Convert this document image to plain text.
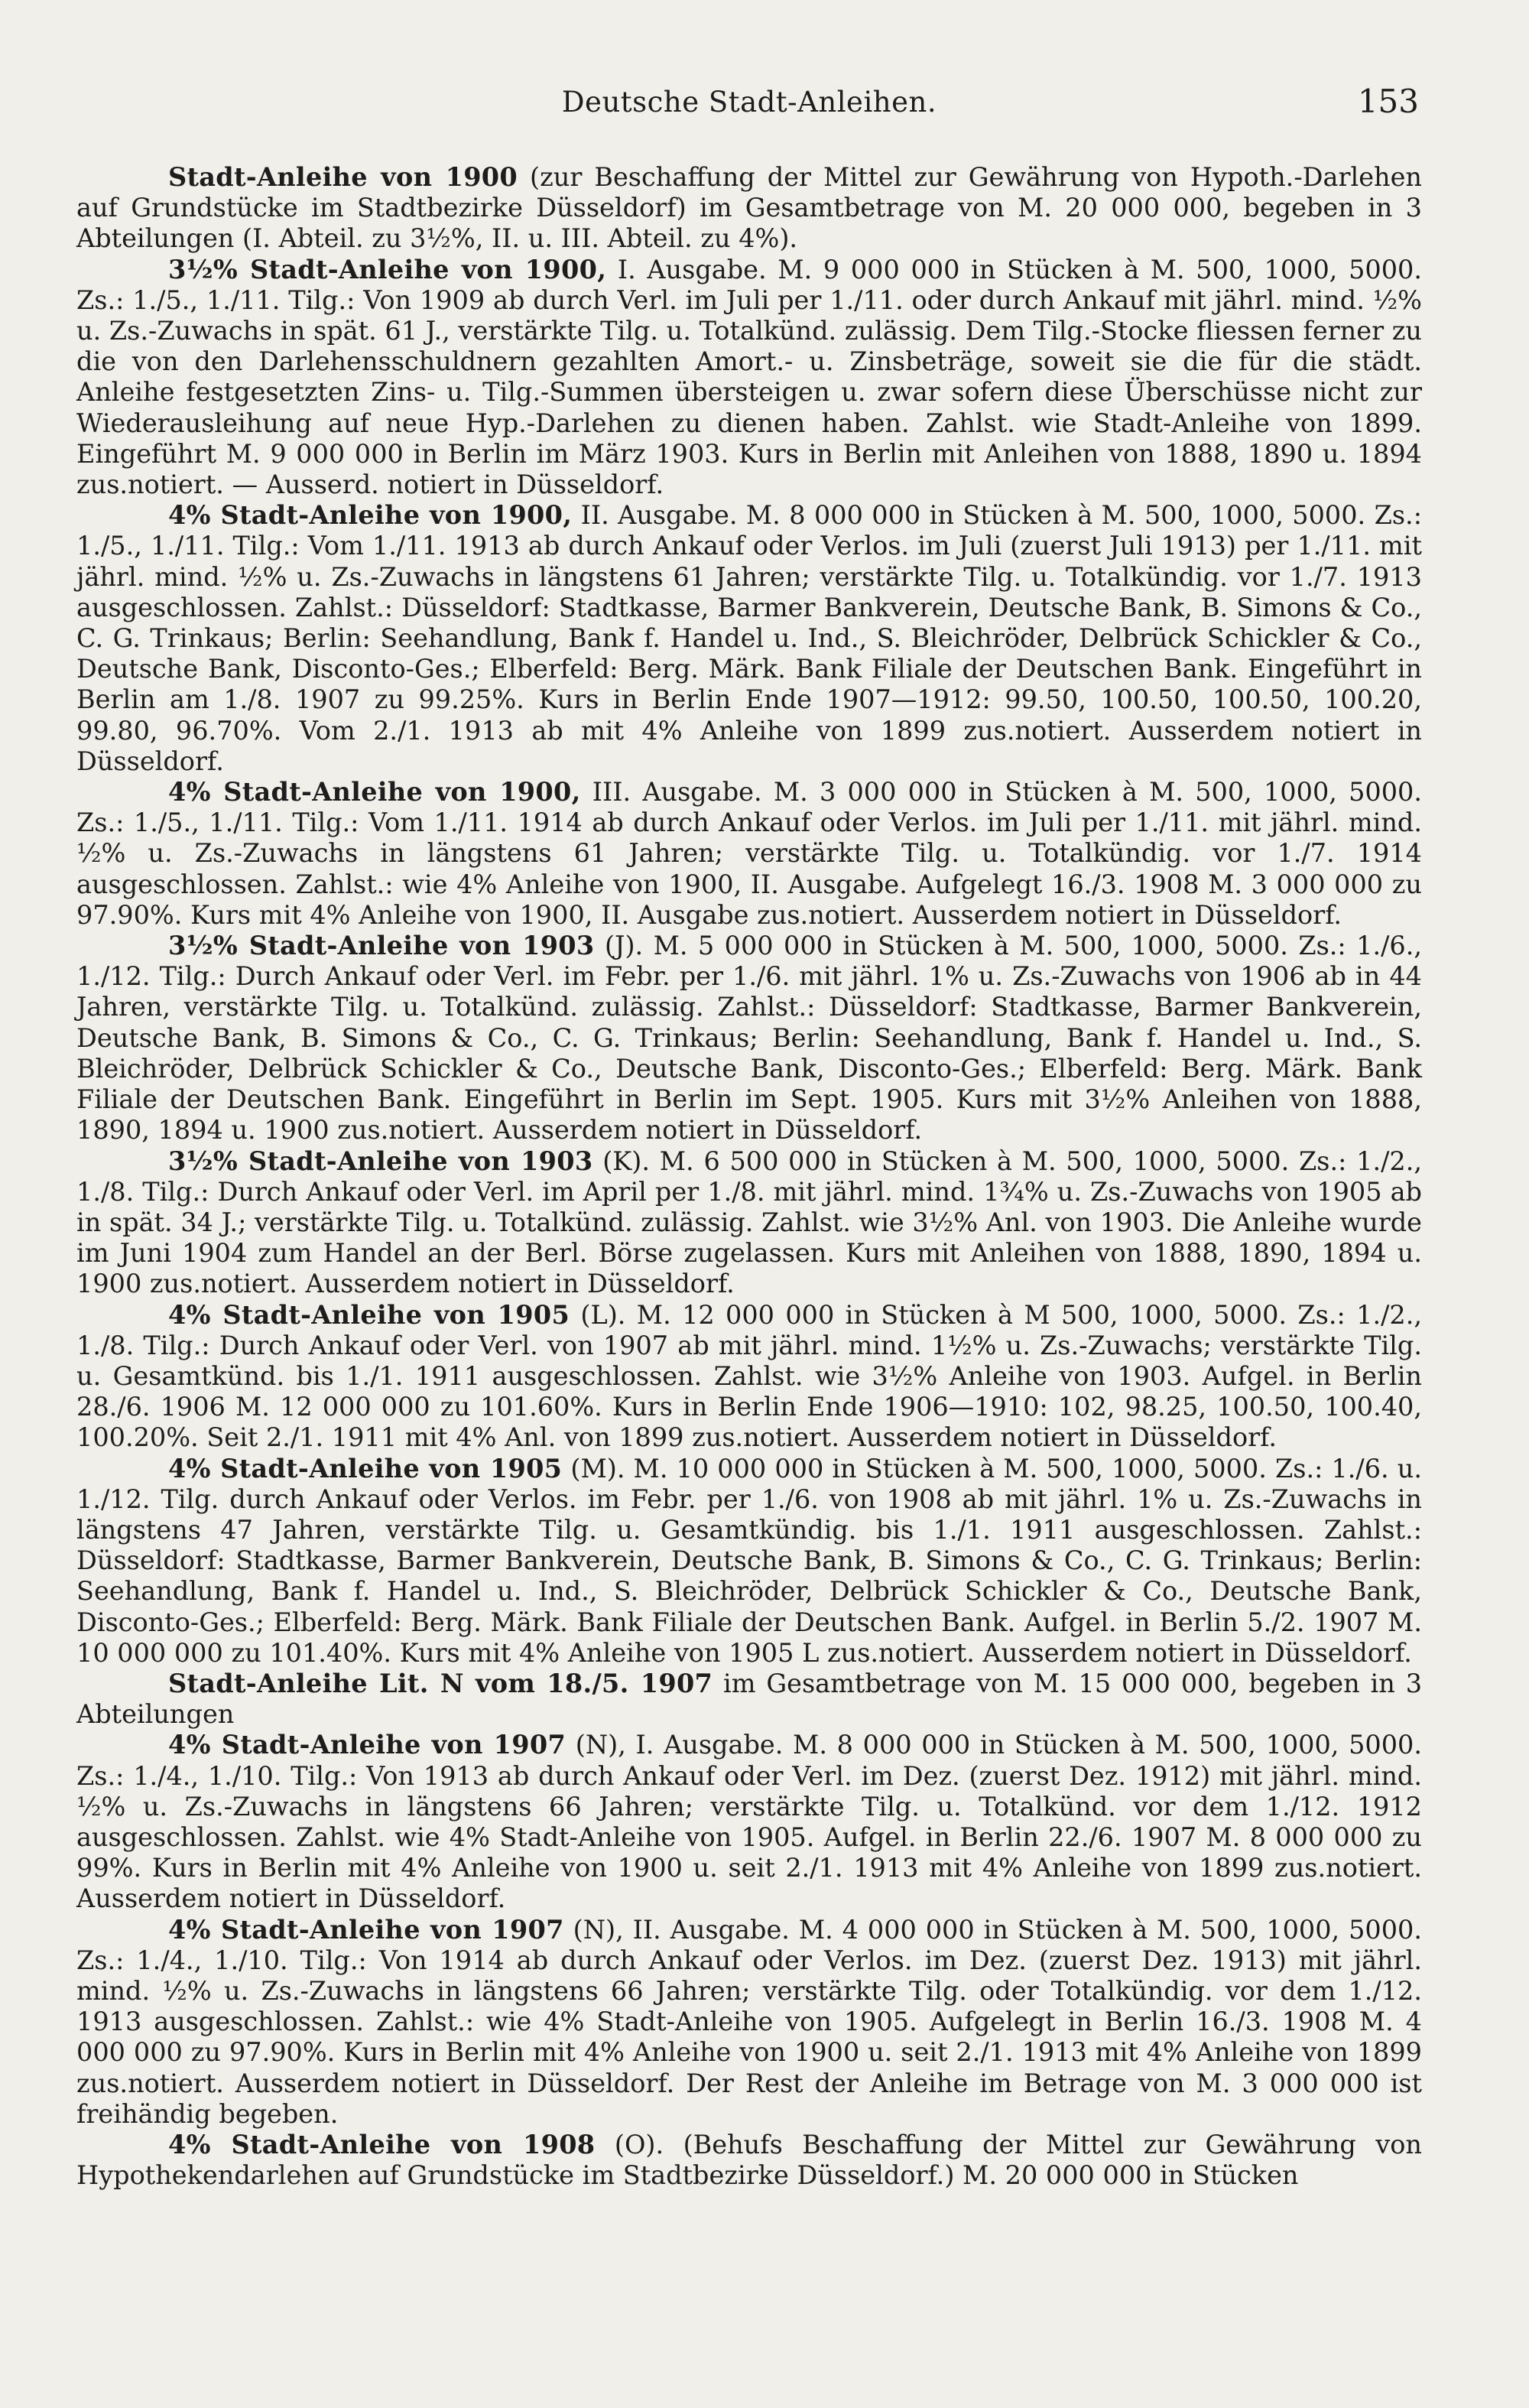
Deutsche Stadt-Anleihen.	153

Stadt-Anleihe von 1900 (zur Beschaffung der Mittel zur Gewährung von Hypoth.-Darlehen auf Grundstücke im Stadtbezirke Düsseldorf) im Gesamtbetrage von M. 20 000 000, begeben in 3 Abteilungen (I. Abteil. zu 3½%, II. u. III. Abteil. zu 4%).

3½% Stadt-Anleihe von 1900, I. Ausgabe. M. 9 000 000 in Stücken à M. 500, 1000, 5000. Zs.: 1./5., 1./11. Tilg.: Von 1909 ab durch Verl. im Juli per 1./11. oder durch Ankauf mit jährl. mind. ½% u. Zs.-Zuwachs in spät. 61 J., verstärkte Tilg. u. Totalkünd. zulässig. Dem Tilg.-Stocke fliessen ferner zu die von den Darlehensschuldnern gezahlten Amort.- u. Zinsbeträge, soweit sie die für die städt. Anleihe festgesetzten Zins- u. Tilg.-Summen übersteigen u. zwar sofern diese Überschüsse nicht zur Wiederausleihung auf neue Hyp.-Darlehen zu dienen haben. Zahlst. wie Stadt-Anleihe von 1899. Eingeführt M. 9 000 000 in Berlin im März 1903. Kurs in Berlin mit Anleihen von 1888, 1890 u. 1894 zus.notiert. — Ausserd. notiert in Düsseldorf.

4% Stadt-Anleihe von 1900, II. Ausgabe. M. 8 000 000 in Stücken à M. 500, 1000, 5000. Zs.: 1./5., 1./11. Tilg.: Vom 1./11. 1913 ab durch Ankauf oder Verlos. im Juli (zuerst Juli 1913) per 1./11. mit jährl. mind. ½% u. Zs.-Zuwachs in längstens 61 Jahren; verstärkte Tilg. u. Totalkündig. vor 1./7. 1913 ausgeschlossen. Zahlst.: Düsseldorf: Stadtkasse, Barmer Bankverein, Deutsche Bank, B. Simons & Co., C. G. Trinkaus; Berlin: Seehandlung, Bank f. Handel u. Ind., S. Bleichröder, Delbrück Schickler & Co., Deutsche Bank, Disconto-Ges.; Elberfeld: Berg. Märk. Bank Filiale der Deutschen Bank. Eingeführt in Berlin am 1./8. 1907 zu 99.25%. Kurs in Berlin Ende 1907—1912: 99.50, 100.50, 100.50, 100.20, 99.80, 96.70%. Vom 2./1. 1913 ab mit 4% Anleihe von 1899 zus.notiert. Ausserdem notiert in Düsseldorf.

4% Stadt-Anleihe von 1900, III. Ausgabe. M. 3 000 000 in Stücken à M. 500, 1000, 5000. Zs.: 1./5., 1./11. Tilg.: Vom 1./11. 1914 ab durch Ankauf oder Verlos. im Juli per 1./11. mit jährl. mind. ½% u. Zs.-Zuwachs in längstens 61 Jahren; verstärkte Tilg. u. Totalkündig. vor 1./7. 1914 ausgeschlossen. Zahlst.: wie 4% Anleihe von 1900, II. Ausgabe. Aufgelegt 16./3. 1908 M. 3 000 000 zu 97.90%. Kurs mit 4% Anleihe von 1900, II. Ausgabe zus.notiert. Ausserdem notiert in Düsseldorf.

3½% Stadt-Anleihe von 1903 (J). M. 5 000 000 in Stücken à M. 500, 1000, 5000. Zs.: 1./6., 1./12. Tilg.: Durch Ankauf oder Verl. im Febr. per 1./6. mit jährl. 1% u. Zs.-Zuwachs von 1906 ab in 44 Jahren, verstärkte Tilg. u. Totalkünd. zulässig. Zahlst.: Düsseldorf: Stadtkasse, Barmer Bankverein, Deutsche Bank, B. Simons & Co., C. G. Trinkaus; Berlin: Seehandlung, Bank f. Handel u. Ind., S. Bleichröder, Delbrück Schickler & Co., Deutsche Bank, Disconto-Ges.; Elberfeld: Berg. Märk. Bank Filiale der Deutschen Bank. Eingeführt in Berlin im Sept. 1905. Kurs mit 3½% Anleihen von 1888, 1890, 1894 u. 1900 zus.notiert. Ausserdem notiert in Düsseldorf.

3½% Stadt-Anleihe von 1903 (K). M. 6 500 000 in Stücken à M. 500, 1000, 5000. Zs.: 1./2., 1./8. Tilg.: Durch Ankauf oder Verl. im April per 1./8. mit jährl. mind. 1¾% u. Zs.-Zuwachs von 1905 ab in spät. 34 J.; verstärkte Tilg. u. Totalkünd. zulässig. Zahlst. wie 3½% Anl. von 1903. Die Anleihe wurde im Juni 1904 zum Handel an der Berl. Börse zugelassen. Kurs mit Anleihen von 1888, 1890, 1894 u. 1900 zus.notiert. Ausserdem notiert in Düsseldorf.

4% Stadt-Anleihe von 1905 (L). M. 12 000 000 in Stücken à M 500, 1000, 5000. Zs.: 1./2., 1./8. Tilg.: Durch Ankauf oder Verl. von 1907 ab mit jährl. mind. 1½% u. Zs.-Zuwachs; verstärkte Tilg. u. Gesamtkünd. bis 1./1. 1911 ausgeschlossen. Zahlst. wie 3½% Anleihe von 1903. Aufgel. in Berlin 28./6. 1906 M. 12 000 000 zu 101.60%. Kurs in Berlin Ende 1906—1910: 102, 98.25, 100.50, 100.40, 100.20%. Seit 2./1. 1911 mit 4% Anl. von 1899 zus.notiert. Ausserdem notiert in Düsseldorf.

4% Stadt-Anleihe von 1905 (M). M. 10 000 000 in Stücken à M. 500, 1000, 5000. Zs.: 1./6. u. 1./12. Tilg. durch Ankauf oder Verlos. im Febr. per 1./6. von 1908 ab mit jährl. 1% u. Zs.-Zuwachs in längstens 47 Jahren, verstärkte Tilg. u. Gesamtkündig. bis 1./1. 1911 ausgeschlossen. Zahlst.: Düsseldorf: Stadtkasse, Barmer Bankverein, Deutsche Bank, B. Simons & Co., C. G. Trinkaus; Berlin: Seehandlung, Bank f. Handel u. Ind., S. Bleichröder, Delbrück Schickler & Co., Deutsche Bank, Disconto-Ges.; Elberfeld: Berg. Märk. Bank Filiale der Deutschen Bank. Aufgel. in Berlin 5./2. 1907 M. 10 000 000 zu 101.40%. Kurs mit 4% Anleihe von 1905 L zus.notiert. Ausserdem notiert in Düsseldorf.

Stadt-Anleihe Lit. N vom 18./5. 1907 im Gesamtbetrage von M. 15 000 000, begeben in 3 Abteilungen

4% Stadt-Anleihe von 1907 (N), I. Ausgabe. M. 8 000 000 in Stücken à M. 500, 1000, 5000. Zs.: 1./4., 1./10. Tilg.: Von 1913 ab durch Ankauf oder Verl. im Dez. (zuerst Dez. 1912) mit jährl. mind. ½% u. Zs.-Zuwachs in längstens 66 Jahren; verstärkte Tilg. u. Totalkünd. vor dem 1./12. 1912 ausgeschlossen. Zahlst. wie 4% Stadt-Anleihe von 1905. Aufgel. in Berlin 22./6. 1907 M. 8 000 000 zu 99%. Kurs in Berlin mit 4% Anleihe von 1900 u. seit 2./1. 1913 mit 4% Anleihe von 1899 zus.notiert. Ausserdem notiert in Düsseldorf.

4% Stadt-Anleihe von 1907 (N), II. Ausgabe. M. 4 000 000 in Stücken à M. 500, 1000, 5000. Zs.: 1./4., 1./10. Tilg.: Von 1914 ab durch Ankauf oder Verlos. im Dez. (zuerst Dez. 1913) mit jährl. mind. ½% u. Zs.-Zuwachs in längstens 66 Jahren; verstärkte Tilg. oder Totalkündig. vor dem 1./12. 1913 ausgeschlossen. Zahlst.: wie 4% Stadt-Anleihe von 1905. Aufgelegt in Berlin 16./3. 1908 M. 4 000 000 zu 97.90%. Kurs in Berlin mit 4% Anleihe von 1900 u. seit 2./1. 1913 mit 4% Anleihe von 1899 zus.notiert. Ausserdem notiert in Düsseldorf. Der Rest der Anleihe im Betrage von M. 3 000 000 ist freihändig begeben.

4% Stadt-Anleihe von 1908 (O). (Behufs Beschaffung der Mittel zur Gewährung von Hypothekendarlehen auf Grundstücke im Stadtbezirke Düsseldorf.) M. 20 000 000 in Stücken
